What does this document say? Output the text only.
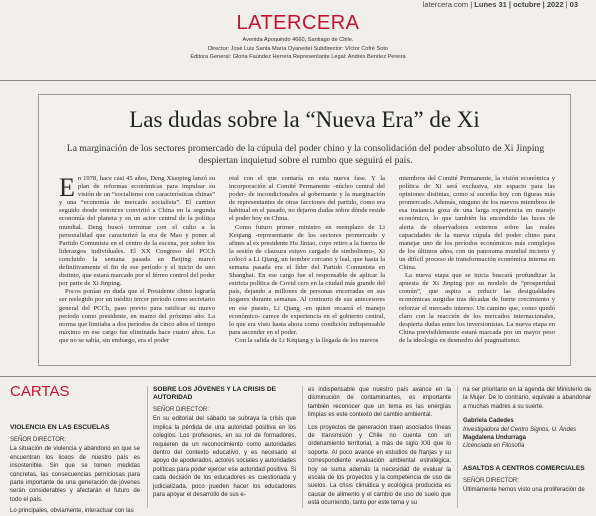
latercera.com | Lunes 31 | octubre | 2022 | 03
LATERCERA
Avenida Apoquindo 4660, Santiago de Chile.
Director: José Luis Santa María Oyanedel Subdirector: Víctor Cofré Soto
Editora General: Gloria Faúndez Herrera Representante Legal: Andrés Benítez Pereira
Las dudas sobre la “Nueva Era” de Xi
La marginación de los sectores promercado de la cúpula del poder chino y la consolidación del poder absoluto de Xi Jinping despiertan inquietud sobre el rumbo que seguirá el país.

En 1978, hace casi 45 años, Deng Xiaoping lanzó su plan de reformas económicas para impulsar su visión de un “socialismo con características chinas” y una “economía de mercado socialista”. El camino seguido desde entonces convirtió a China en la segunda economía del planeta y en un actor central de la política mundial. Deng buscó terminar con el culto a la personalidad que caracterizó la era de Mao y poner al Partido Comunista en el centro de la escena, por sobre los liderazgos individuales. El XX Congreso del PCCh concluido la semana pasada en Beijing marcó definitivamente el fin de ese período y el inicio de uno distinto, que estará marcado por el férreo control del poder por parte de Xi Jinping.

Pocos ponían en duda que el Presidente chino lograría ser reelegido por un inédito tercer período como secretario general del PCCh, paso previo para ratificar su nuevo período como presidente, en marzo del próximo año. La norma que limitaba a dos períodos de cinco años el tiempo máximo en ese cargo fue eliminada hace cuatro años. Lo que no se sabía, sin embargo, era el poder

real con el que contaría en esta nueva fase. Y la incorporación al Comité Permanente -núcleo central del poder- de incondicionales al gobernante y la marginación de representantes de otras facciones del partido, como era habitual en el pasado, no dejaron dudas sobre dónde reside el poder hoy en China.

Como futuro primer ministro en reemplazo de Li Keqiang -representante de los sectores promercado y afines al ex presidente Hu Jintao, cuyo retiro a la fuerza de la sesión de clausura estuvo cargado de simbolismo-, Xi colocó a Li Qiang, un hombre cercano y leal, que hasta la semana pasada era el líder del Partido Comunista en Shanghai. En ese cargo fue el responsable de aplicar la estricta política de Covid cero en la ciudad más grande del país, dejando a millones de personas encerradas en sus hogares durante semanas. Al contrario de sus antecesores en ese puesto, Li Qiang -en quien recaerá el manejo económico- carece de experiencia en el gobierno central, lo que era visto hasta ahora como condición indispensable para ascender en el poder.

Con la salida de Li Keqiang y la llegada de los nuevos

miembros del Comité Permanente, la visión económica y política de Xi será exclusiva, sin espacio para las opiniones distintas, como sí sucedía hoy con figuras más promercado. Además, ninguno de los nuevos miembros de esa instancia goza de una larga experiencia en manejo económico, lo que también ha encendido las luces de alerta de observadores externos sobre las reales capacidades de la nueva cúpula del poder chino para manejar uno de los períodos económicos más complejos de los últimos años, con un panorama mundial incierto y un difícil proceso de transformación económica interna en China.

La nueva etapa que se inicia buscará profundizar la apuesta de Xi Jinping por su modelo de “prosperidad común”, que aspira a reducir las desigualdades económicas surgidas tras décadas de fuerte crecimiento y reforzar el mercado interno. Un camino que, como quedó claro con la reacción de los mercados internacionales, despierta dudas entre los inversionistas. La nueva etapa en China previsiblemente estará marcada por un mayor peso de la ideología en desmedro del pragmatismo.

CARTAS
VIOLENCIA EN LAS ESCUELAS
SEÑOR DIRECTOR:

La situación de violencia y abandono en que se encuentran los liceos de nuestro país es insostenible. Sin que se tomen medidas concretas, las consecuencias perniciosas para parte importante de una generación de jóvenes serán considerables y afectarán el futuro de todo el país.

Lo principales, obviamente, interactuar con las

SOBRE LOS JÓVENES Y LA CRISIS DE AUTORIDAD
SEÑOR DIRECTOR:

En su editorial del sábado se subraya la crisis que implica la pérdida de una autoridad positiva en los colegios. Los profesores, en su rol de formadores, requieren de un reconocimiento como autoridades dentro del contexto educativo, y es necesario el apoyo de apoderados, actores sociales y autoridades políticas para poder ejercer ese autoridad positiva. Si cada decisión de los educadores es cuestionada y judicializada, poco pueden hacer los educadores para apoyar el desarrollo de sus e-

es indispensable que nuestro país avance en la disminución de contaminantes, es importante también reconocer que un tema es las energías limpias es este contexto del cambio ambiental.

Los proyectos de generación traen asociados líneas de transmisión y Chile no cuenta con un ordenamiento territorial, a más de siglo XXI que lo soporte. Al poco avance en estudios de franjas y su correspondiente evaluación ambiental estratégica, hoy se suma además la necesidad de evaluar la escala de los proyectos y la competencia de uso de suelos. La crisis climática y ecológica producida es causar de alimento y el cambio de uso de suelo que está ocurriendo, tanto por este tema y su

na ser prioritario en la agenda del Ministerio de la Mujer. De lo contrario, equivale a abandonar a muchas madres a su suerte.

Gabriela Cadedes
Investigadora del Centro Signos, U. Andes
Magdalena Undurraga
Licenciada en Filosofía
ASALTOS A CENTROS COMERCIALES
SEÑOR DIRECTOR:

Últimamente hemos visto una proliferación de
